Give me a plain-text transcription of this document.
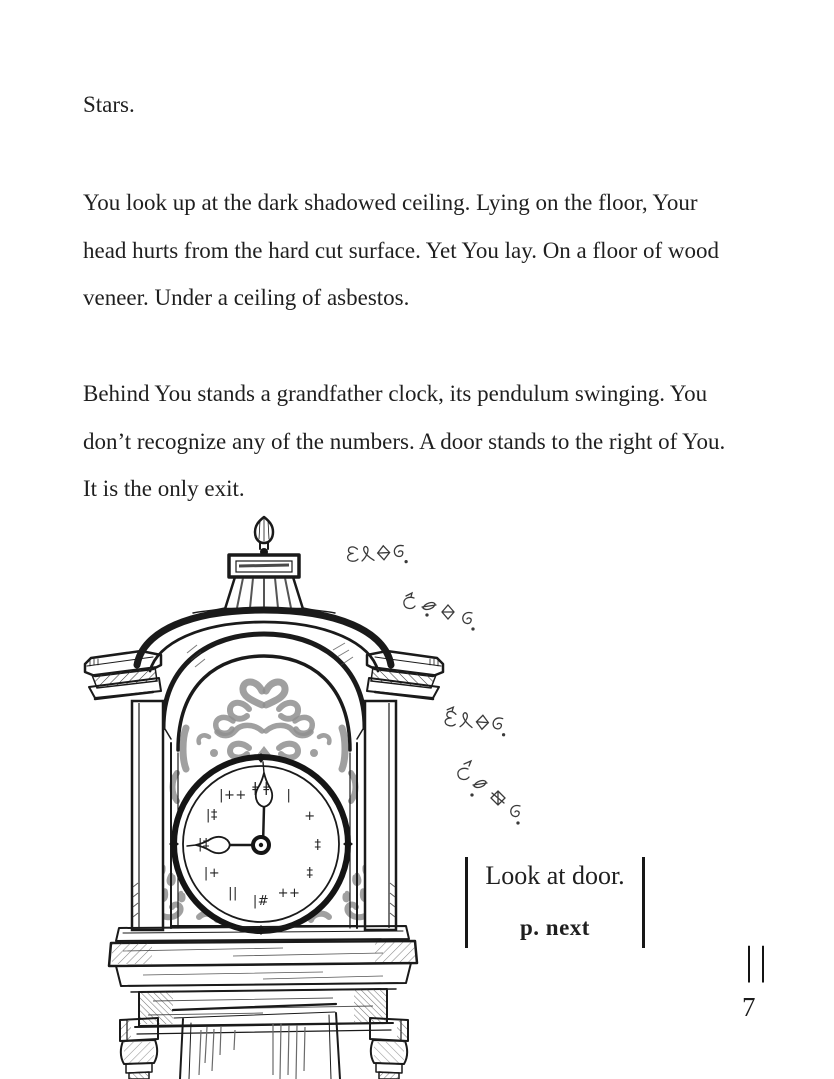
Stars.
You look up at the dark shadowed ceiling. Lying on the floor, Your
head hurts from the hard cut surface. Yet You lay. On a floor of wood
veneer. Under a ceiling of asbestos.
Behind You stands a grandfather clock, its pendulum swinging. You
don’t recognize any of the numbers. A door stands to the right of You.
It is the only exit.
ǂ ǂ |
+
‡
‡
++
|#
||
|+
|‡
|‡
|++
Look at door.
p. next
||
7
